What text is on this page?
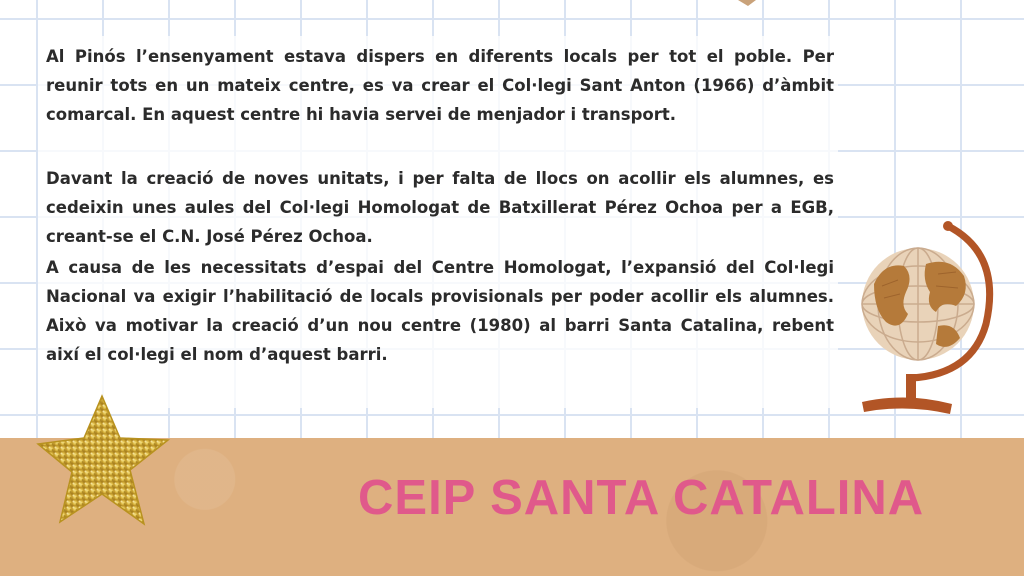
Al Pinós l’ensenyament estava dispers en diferents locals per tot el poble. Per reunir tots en un mateix centre, es va crear el Col·legi Sant Anton (1966) d’àmbit comarcal. En aquest centre hi havia servei de menjador i transport.

Davant la creació de noves unitats, i per falta de llocs on acollir els alumnes, es cedeixin unes aules del Col·legi Homologat de Batxillerat Pérez Ochoa per a EGB, creant-se el C.N. José Pérez Ochoa.

A causa de les necessitats d’espai del Centre Homologat, l’expansió del Col·legi Nacional va exigir l’habilitació de locals provisionals per poder acollir els alumnes. Això va motivar la creació d’un nou centre (1980) al barri Santa Catalina, rebent així el col·legi el nom d’aquest barri.

CEIP SANTA CATALINA
